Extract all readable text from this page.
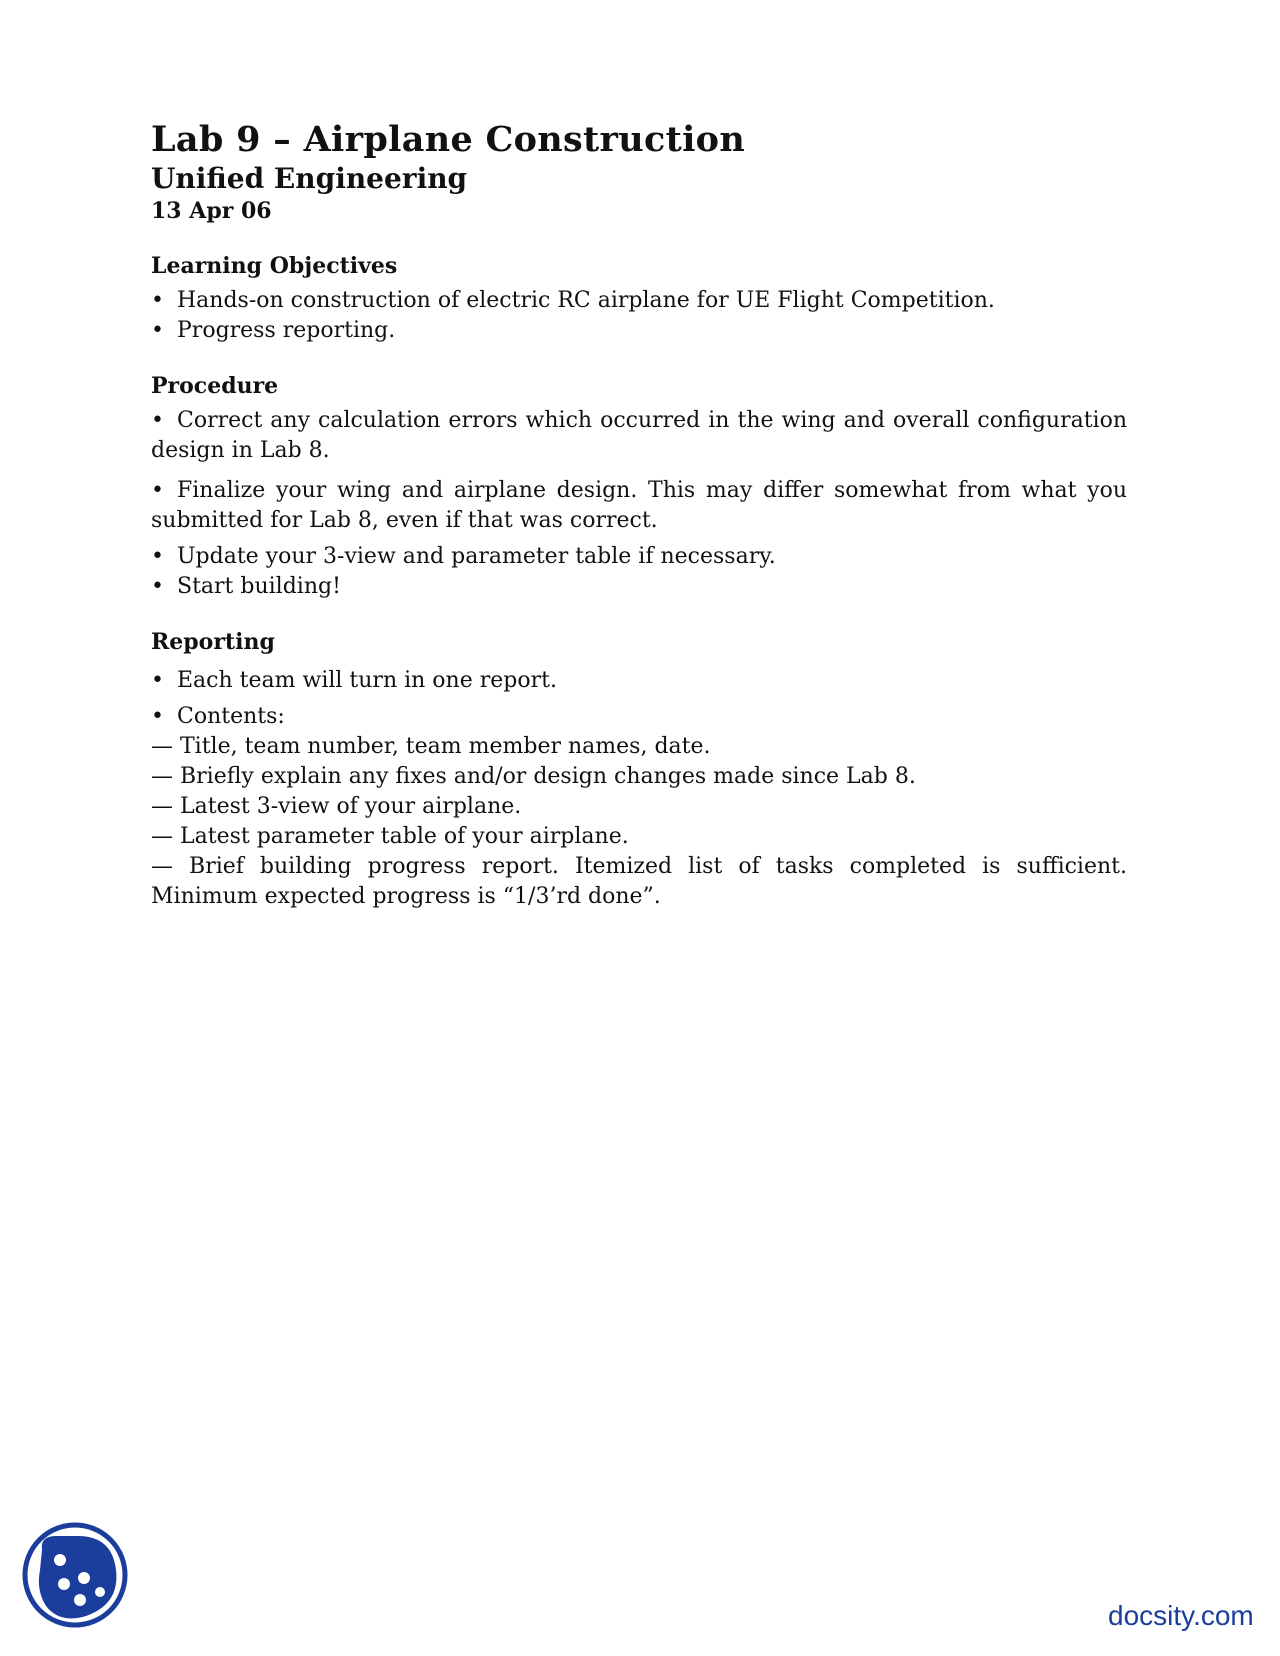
Lab 9 – Airplane Construction

Unified Engineering

13 Apr 06

Learning Objectives

• Hands-on construction of electric RC airplane for UE Flight Competition.

• Progress reporting.

Procedure

• Correct any calculation errors which occurred in the wing and overall configuration design in Lab 8.

• Finalize your wing and airplane design. This may differ somewhat from what you submitted for Lab 8, even if that was correct.

• Update your 3-view and parameter table if necessary.

• Start building!

Reporting

• Each team will turn in one report.

• Contents:

— Title, team number, team member names, date.

— Briefly explain any fixes and/or design changes made since Lab 8.

— Latest 3-view of your airplane.

— Latest parameter table of your airplane.

— Brief building progress report. Itemized list of tasks completed is sufficient. Minimum expected progress is “1/3’rd done”.

docsity.com
